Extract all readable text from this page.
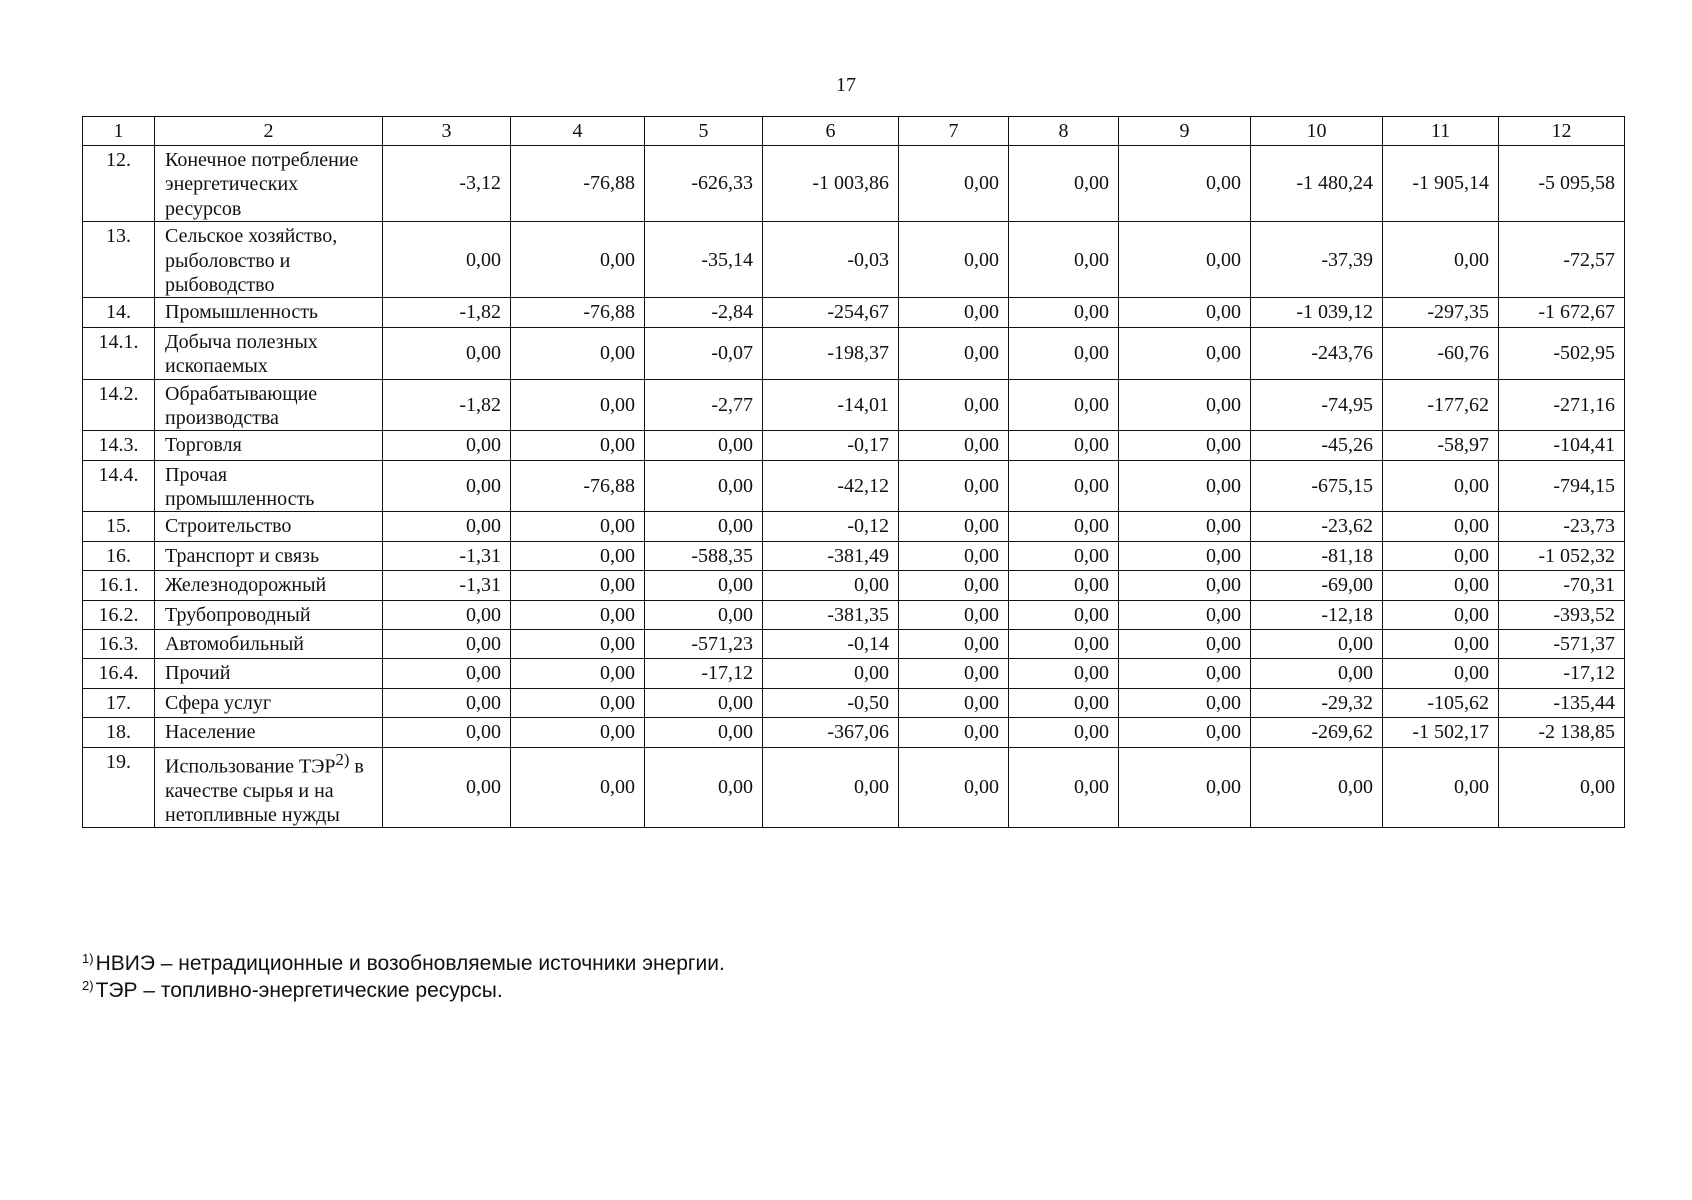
17
1	2	3	4	5	6	7	8	9	10	11	12
12.	Конечное потребление энергетических ресурсов	-3,12	-76,88	-626,33	-1 003,86	0,00	0,00	0,00	-1 480,24	-1 905,14	-5 095,58
13.	Сельское хозяйство, рыболовство и рыбоводство	0,00	0,00	-35,14	-0,03	0,00	0,00	0,00	-37,39	0,00	-72,57
14.	Промышленность	-1,82	-76,88	-2,84	-254,67	0,00	0,00	0,00	-1 039,12	-297,35	-1 672,67
14.1.	Добыча полезных ископаемых	0,00	0,00	-0,07	-198,37	0,00	0,00	0,00	-243,76	-60,76	-502,95
14.2.	Обрабатывающие производства	-1,82	0,00	-2,77	-14,01	0,00	0,00	0,00	-74,95	-177,62	-271,16
14.3.	Торговля	0,00	0,00	0,00	-0,17	0,00	0,00	0,00	-45,26	-58,97	-104,41
14.4.	Прочая промышленность	0,00	-76,88	0,00	-42,12	0,00	0,00	0,00	-675,15	0,00	-794,15
15.	Строительство	0,00	0,00	0,00	-0,12	0,00	0,00	0,00	-23,62	0,00	-23,73
16.	Транспорт и связь	-1,31	0,00	-588,35	-381,49	0,00	0,00	0,00	-81,18	0,00	-1 052,32
16.1.	Железнодорожный	-1,31	0,00	0,00	0,00	0,00	0,00	0,00	-69,00	0,00	-70,31
16.2.	Трубопроводный	0,00	0,00	0,00	-381,35	0,00	0,00	0,00	-12,18	0,00	-393,52
16.3.	Автомобильный	0,00	0,00	-571,23	-0,14	0,00	0,00	0,00	0,00	0,00	-571,37
16.4.	Прочий	0,00	0,00	-17,12	0,00	0,00	0,00	0,00	0,00	0,00	-17,12
17.	Сфера услуг	0,00	0,00	0,00	-0,50	0,00	0,00	0,00	-29,32	-105,62	-135,44
18.	Население	0,00	0,00	0,00	-367,06	0,00	0,00	0,00	-269,62	-1 502,17	-2 138,85
19.	Использование ТЭР$^{2)}$ в качестве сырья и на нетопливные нужды	0,00	0,00	0,00	0,00	0,00	0,00	0,00	0,00	0,00	0,00
$^{1)}$НВИЭ – нетрадиционные и возобновляемые источники энергии.
$^{2)}$ТЭР – топливно-энергетические ресурсы.
